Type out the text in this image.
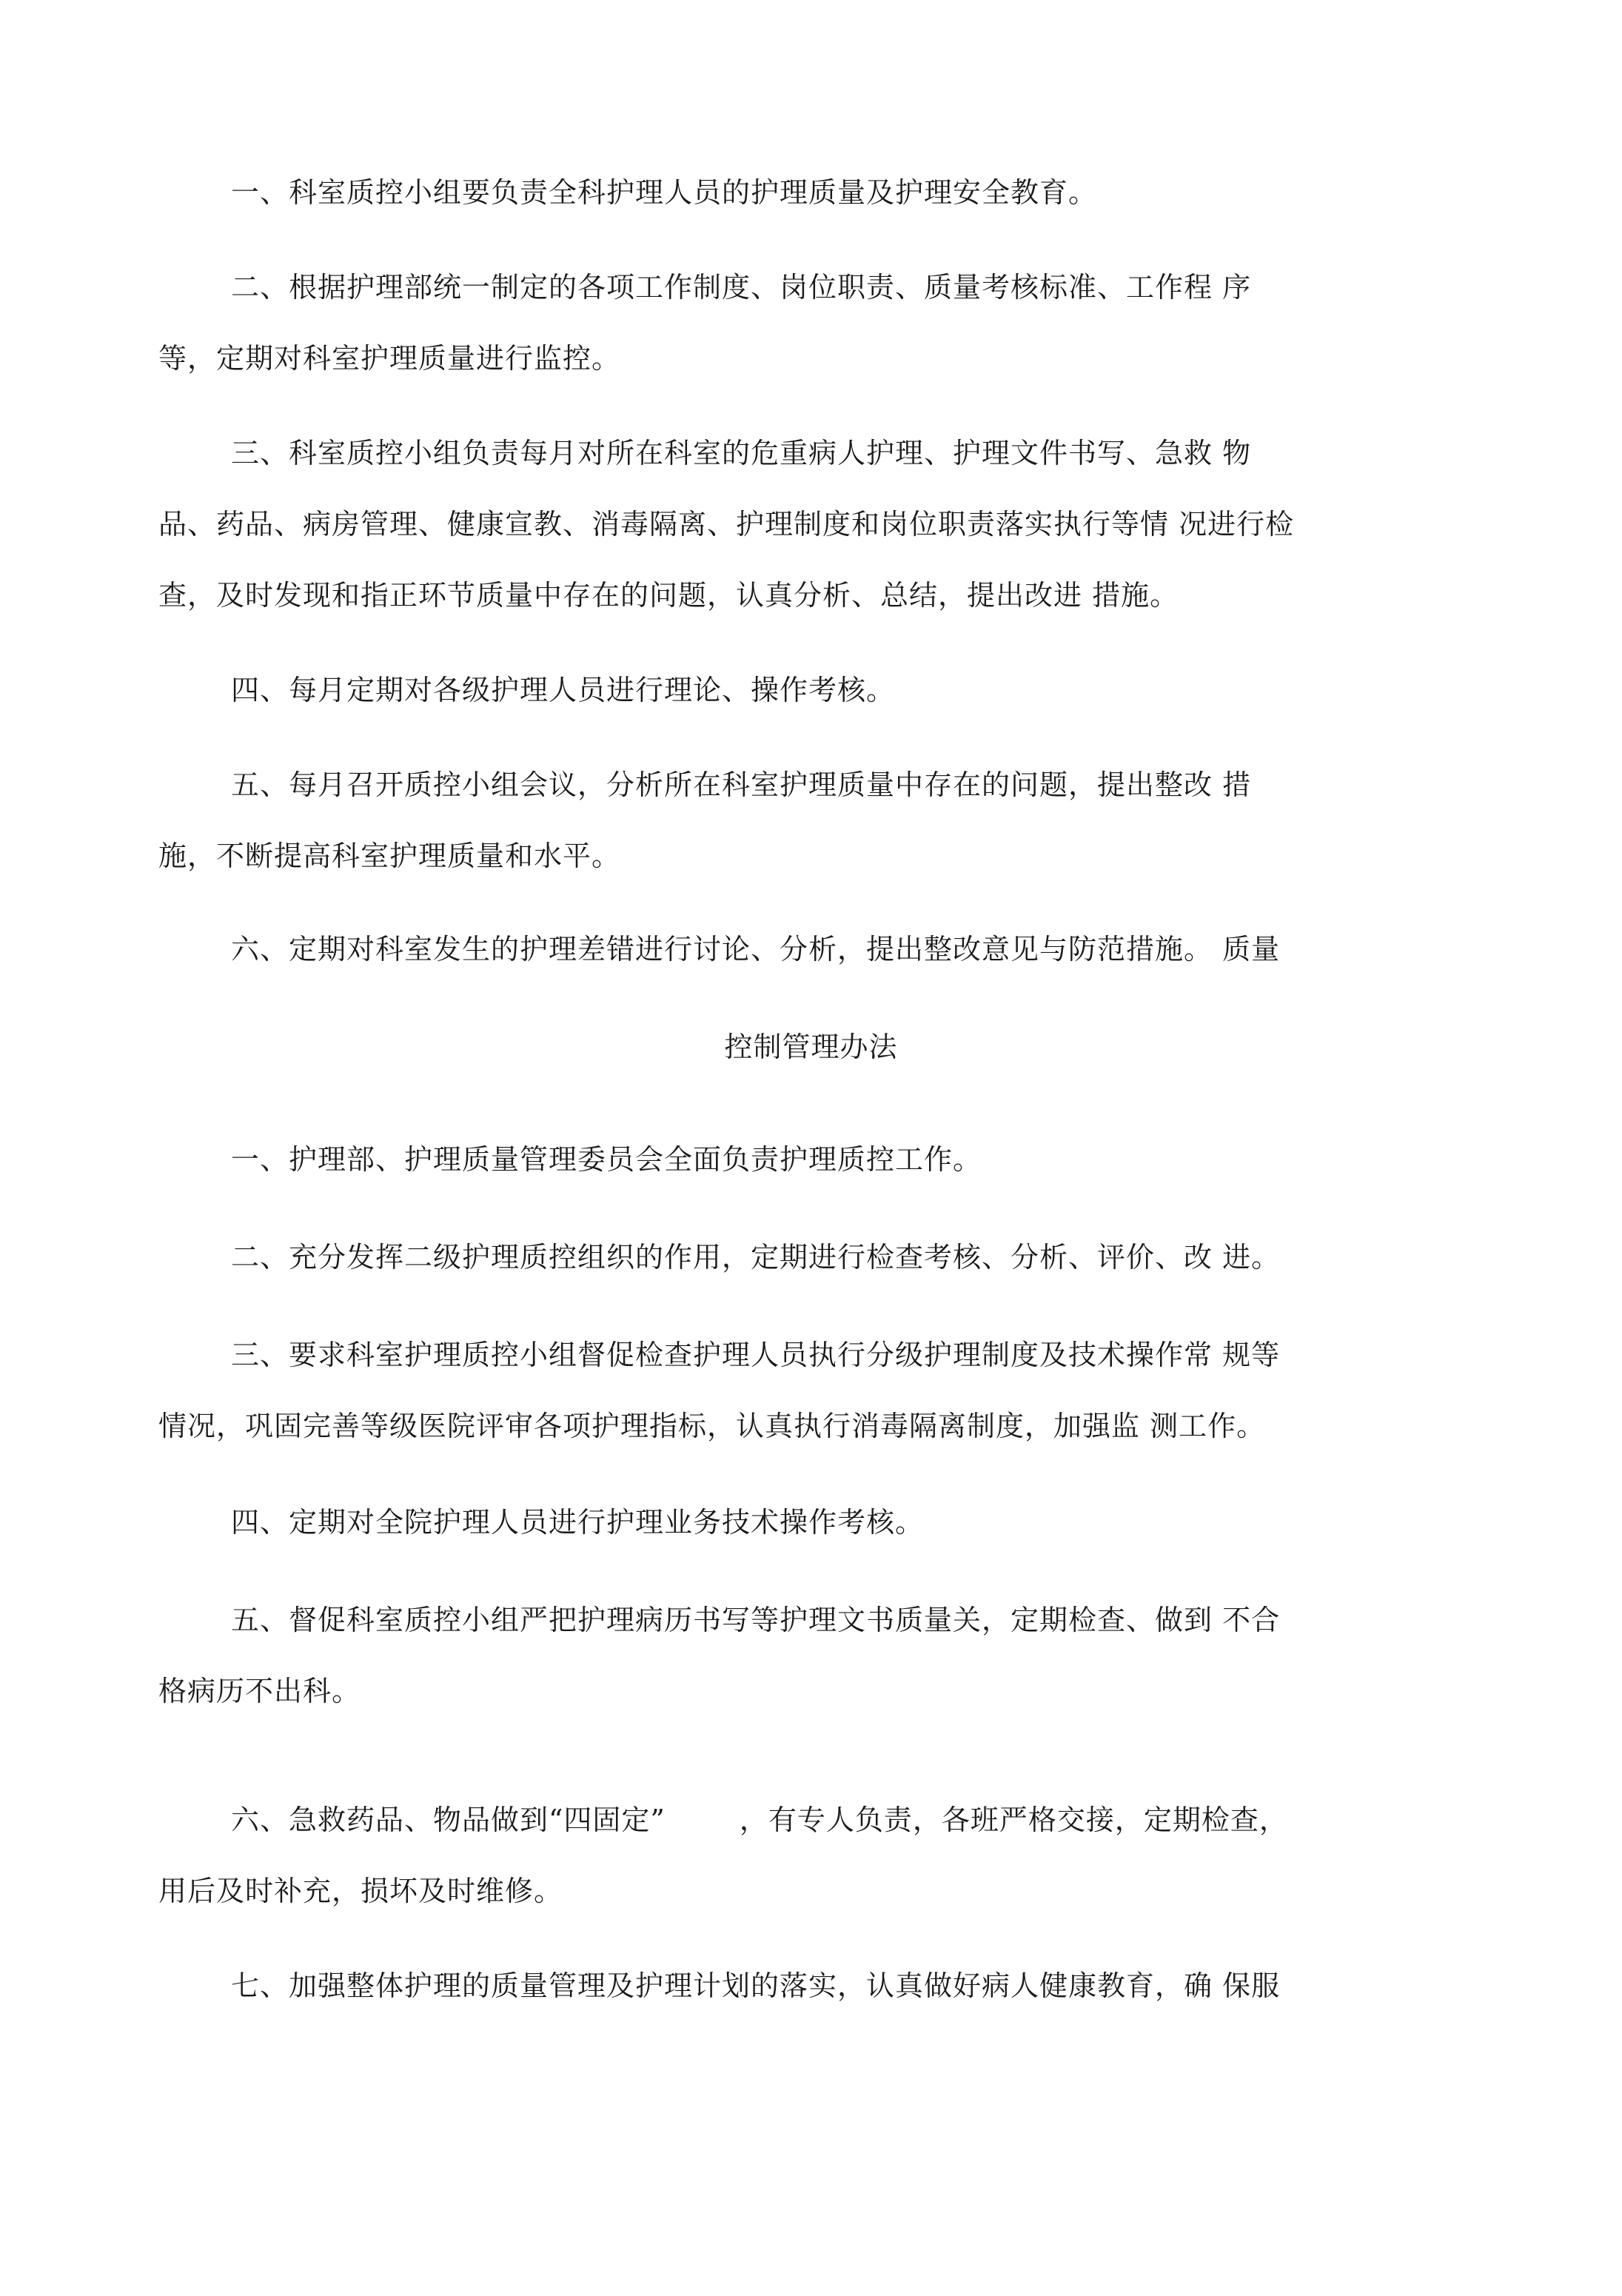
一、科室质控小组要负责全科护理人员的护理质量及护理安全教育。

二、根据护理部统一制定的各项工作制度、岗位职责、质量考核标准、工作程 序
等，定期对科室护理质量进行监控。

三、科室质控小组负责每月对所在科室的危重病人护理、护理文件书写、急救 物
品、药品、病房管理、健康宣教、消毒隔离、护理制度和岗位职责落实执行等情 况进行检
查，及时发现和指正环节质量中存在的问题，认真分析、总结，提出改进 措施。

四、每月定期对各级护理人员进行理论、操作考核。

五、每月召开质控小组会议，分析所在科室护理质量中存在的问题，提出整改 措
施，不断提高科室护理质量和水平。

六、定期对科室发生的护理差错进行讨论、分析，提出整改意见与防范措施。 质量

控制管理办法

一、护理部、护理质量管理委员会全面负责护理质控工作。

二、充分发挥二级护理质控组织的作用，定期进行检查考核、分析、评价、改 进。

三、要求科室护理质控小组督促检查护理人员执行分级护理制度及技术操作常 规等
情况，巩固完善等级医院评审各项护理指标，认真执行消毒隔离制度，加强监 测工作。

四、定期对全院护理人员进行护理业务技术操作考核。

五、督促科室质控小组严把护理病历书写等护理文书质量关，定期检查、做到 不合
格病历不出科。

六、急救药品、物品做到“四固定”	，有专人负责，各班严格交接，定期检查，
用后及时补充，损坏及时维修。

七、加强整体护理的质量管理及护理计划的落实，认真做好病人健康教育，确 保服
